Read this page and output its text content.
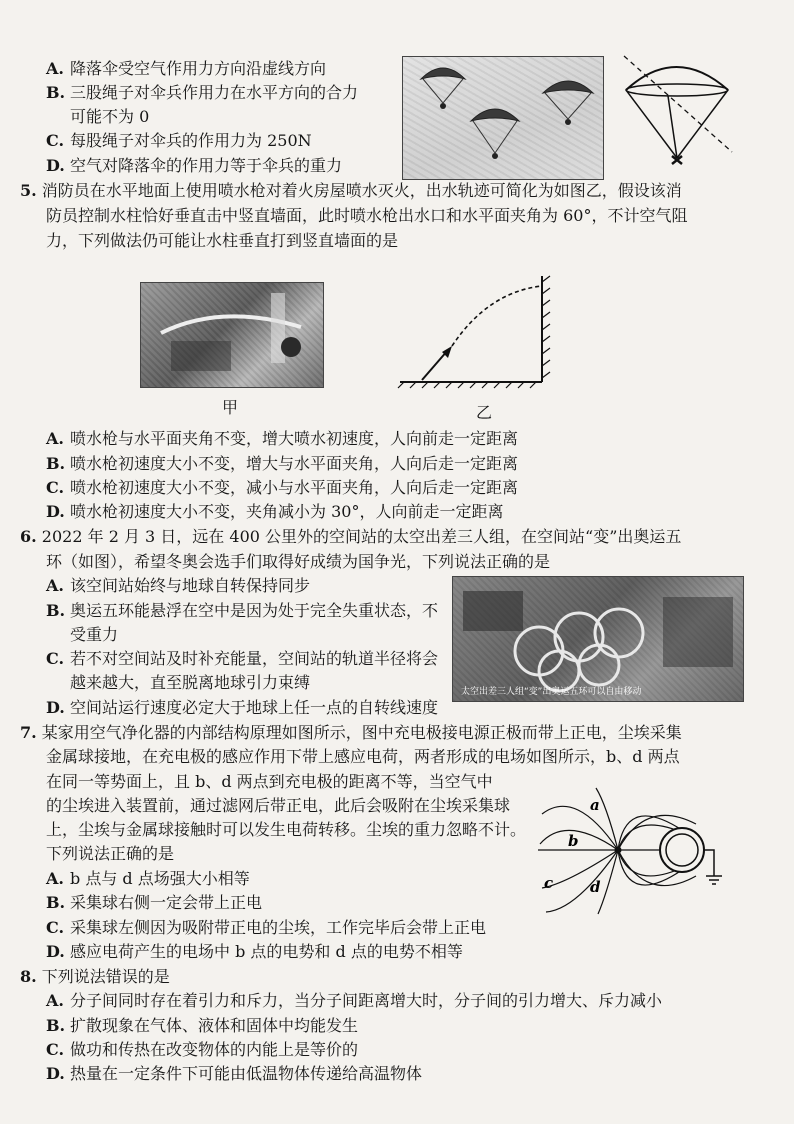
A. 降落伞受空气作用力方向沿虚线方向
B. 三股绳子对伞兵作用力在水平方向的合力
可能不为 0
C. 每股绳子对伞兵的作用力为 250N
D. 空气对降落伞的作用力等于伞兵的重力
5. 消防员在水平地面上使用喷水枪对着火房屋喷水灭火，出水轨迹可简化为如图乙，假设该消
防员控制水柱恰好垂直击中竖直墙面，此时喷水枪出水口和水平面夹角为 60°，不计空气阻
力，下列做法仍可能让水柱垂直打到竖直墙面的是
甲	乙
A. 喷水枪与水平面夹角不变，增大喷水初速度，人向前走一定距离
B. 喷水枪初速度大小不变，增大与水平面夹角，人向后走一定距离
C. 喷水枪初速度大小不变，减小与水平面夹角，人向后走一定距离
D. 喷水枪初速度大小不变，夹角减小为 30°，人向前走一定距离
6. 2022 年 2 月 3 日，远在 400 公里外的空间站的太空出差三人组，在空间站“变”出奥运五
环（如图），希望冬奥会选手们取得好成绩为国争光，下列说法正确的是
A. 该空间站始终与地球自转保持同步
B. 奥运五环能悬浮在空中是因为处于完全失重状态，不
受重力
C. 若不对空间站及时补充能量，空间站的轨道半径将会
越来越大，直至脱离地球引力束缚
D. 空间站运行速度必定大于地球上任一点的自转线速度
太空出差三人组“变”出奥运五环可以自由移动
7. 某家用空气净化器的内部结构原理如图所示，图中充电极接电源正极而带上正电，尘埃采集
金属球接地，在充电极的感应作用下带上感应电荷，两者形成的电场如图所示，b、d 两点
在同一等势面上，且 b、d 两点到充电极的距离不等，当空气中
的尘埃进入装置前，通过滤网后带正电，此后会吸附在尘埃采集球
上，尘埃与金属球接触时可以发生电荷转移。尘埃的重力忽略不计。
下列说法正确的是
a
b
c d
A. b 点与 d 点场强大小相等
B. 采集球右侧一定会带上正电
C. 采集球左侧因为吸附带正电的尘埃，工作完毕后会带上正电
D. 感应电荷产生的电场中 b 点的电势和 d 点的电势不相等
8. 下列说法错误的是
A. 分子间同时存在着引力和斥力，当分子间距离增大时，分子间的引力增大、斥力减小
B. 扩散现象在气体、液体和固体中均能发生
C. 做功和传热在改变物体的内能上是等价的
D. 热量在一定条件下可能由低温物体传递给高温物体
